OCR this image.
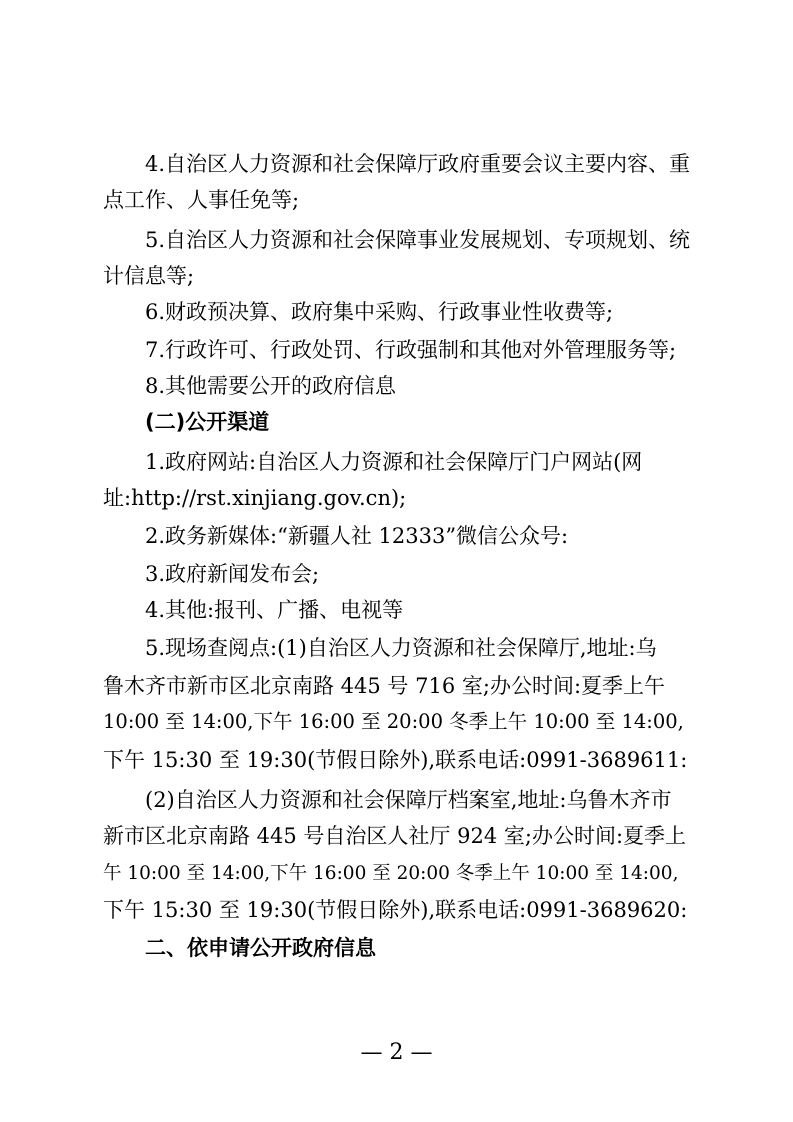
4.自治区人力资源和社会保障厅政府重要会议主要内容、重
点工作、人事任免等;
5.自治区人力资源和社会保障事业发展规划、专项规划、统
计信息等;
6.财政预决算、政府集中采购、行政事业性收费等;
7.行政许可、行政处罚、行政强制和其他对外管理服务等;
8.其他需要公开的政府信息
(二)公开渠道
1.政府网站:自治区人力资源和社会保障厅门户网站(网
址:http://rst.xinjiang.gov.cn);
2.政务新媒体:“新疆人社 12333”微信公众号:
3.政府新闻发布会;
4.其他:报刊、广播、电视等
5.现场查阅点:(1)自治区人力资源和社会保障厅,地址:乌
鲁木齐市新市区北京南路 445 号 716 室;办公时间:夏季上午
10:00 至 14:00,下午 16:00 至 20:00 冬季上午 10:00 至 14:00,
下午 15:30 至 19:30(节假日除外),联系电话:0991-3689611:
(2)自治区人力资源和社会保障厅档案室,地址:乌鲁木齐市
新市区北京南路 445 号自治区人社厅 924 室;办公时间:夏季上
午 10:00 至 14:00,下午 16:00 至 20:00 冬季上午 10:00 至 14:00,
下午 15:30 至 19:30(节假日除外),联系电话:0991-3689620:
二、依申请公开政府信息
— 2 —
